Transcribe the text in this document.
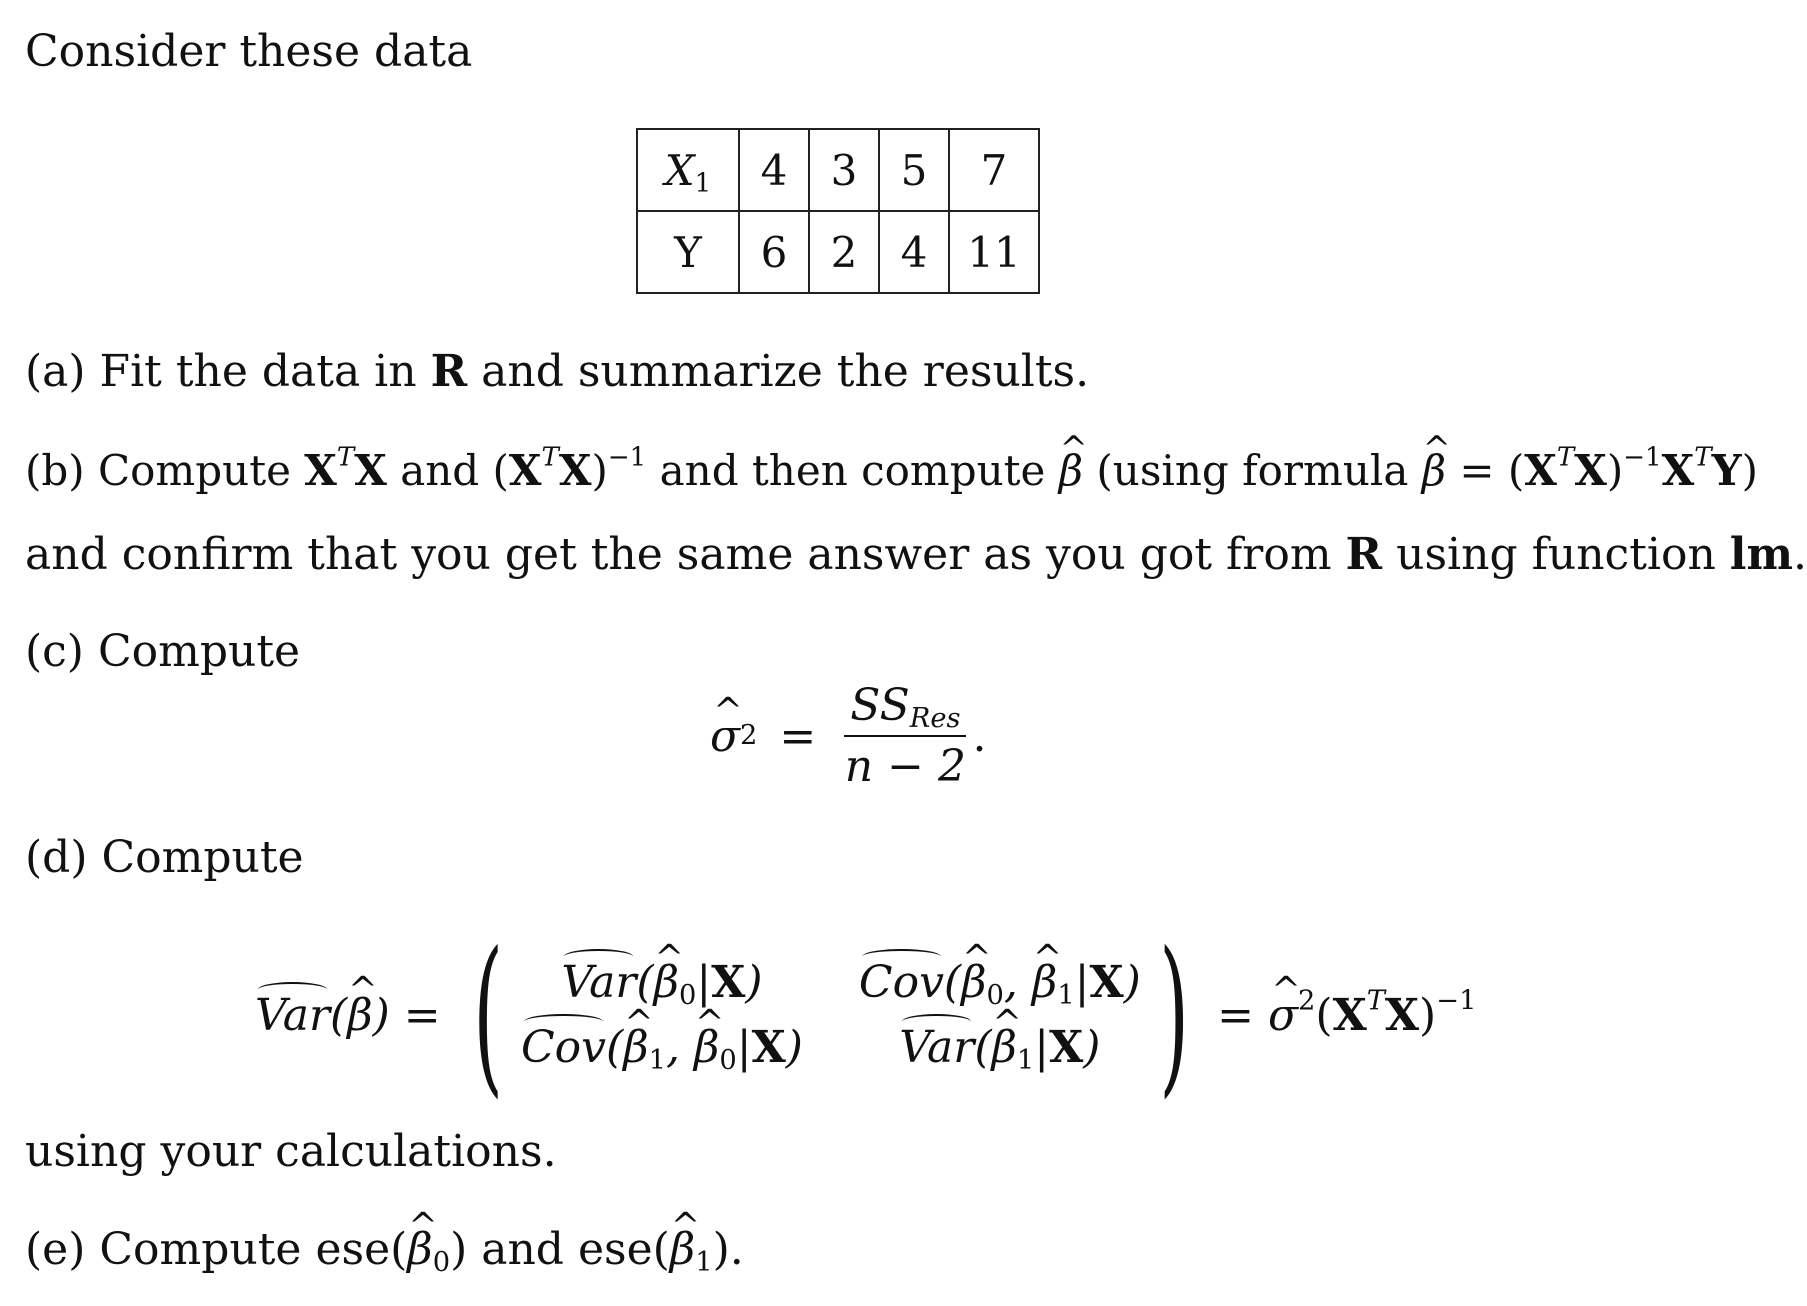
Consider these data
$X_1$	4	3	5	7
Y	6	2	4	11
(a) Fit the data in R and summarize the results.
(b) Compute $X^TX$ and $(X^TX)^{-1}$ and then compute ^ β (using formula ^ $\beta = (X^TX)^{-1}X^TY$)
and confirm that you get the same answer as you got from R using function lm.
(c) Compute
^ σ $2 = \frac{SS_{Res}}{n - 2}$ .
(d) Compute
Var(^ β) = (	Var(^ $\beta_0|X$)	Cov(^ $\beta_0$, ^ $\beta_1|X$)
Cov(^ $\beta_1$, ^ $\beta_0|X$)	Var(^ $\beta_1|X$) ) = ^ $\sigma^2(X^TX)^{-1}$
using your calculations.
(e) Compute ese(^ $\beta_0$) and ese(^ $\beta_1$).
